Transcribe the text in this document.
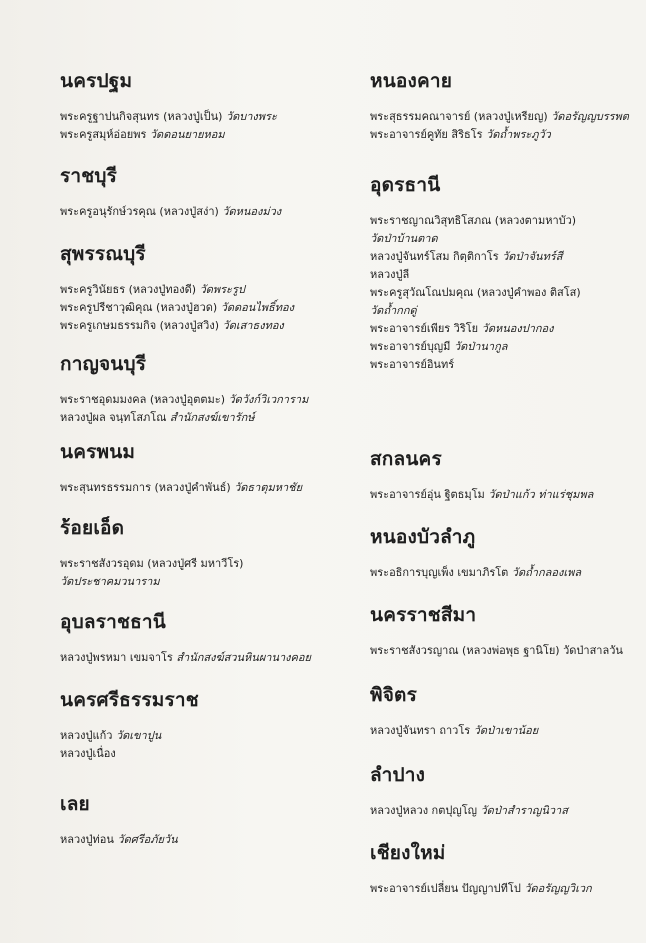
นครปฐม
พระครูฐาปนกิจสุนทร (หลวงปู่เป็น) วัดบางพระ
พระครูสมุห์อ่อยพร วัดดอนยายหอม
ราชบุรี
พระครูอนุรักษ์วรคุณ (หลวงปู่สง่า) วัดหนองม่วง
สุพรรณบุรี
พระครูวินัยธร (หลวงปู่ทองดี) วัดพระรูป
พระครูปรีชาวุฒิคุณ (หลวงปู่ฮวด) วัดดอนไพธิ์ทอง
พระครูเกษมธรรมกิจ (หลวงปู่สวิง) วัดเสาธงทอง
กาญจนบุรี
พระราชอุดมมงคล (หลวงปู่อุตตมะ) วัดวังก์วิเวการาม
หลวงปู่ผล จนฺทโสภโณ สำนักสงฆ์เขารักษ์
นครพนม
พระสุนทรธรรมการ (หลวงปู่คำพันธ์) วัดธาตุมหาชัย
ร้อยเอ็ด
พระราชสังวรอุดม (หลวงปู่ศรี มหาวีโร)
วัดประชาคมวนาราม
อุบลราชธานี
หลวงปู่พรหมา เขมจาโร สำนักสงฆ์สวนหินผานางคอย
นครศรีธรรมราช
หลวงปู่แก้ว วัดเขาปูน
หลวงปู่เนื่อง
เลย
หลวงปู่ท่อน วัดศรีอภัยวัน
หนองคาย
พระสุธรรมคณาจารย์ (หลวงปู่เหรียญ) วัดอรัญญบรรพต
พระอาจารย์คูทัย สิริธโร วัดถ้ำพระภูวัว
อุดรธานี
พระราชญาณวิสุทธิโสภณ (หลวงตามหาบัว)
วัดป่าบ้านตาด
หลวงปู่จันทร์โสม กิตฺติกาโร วัดป่าจันทร์สี
หลวงปู่ลี
พระครูสุวัณโณปมคุณ (หลวงปู่คำพอง ติสโส)
วัดถ้ำกกดู่
พระอาจารย์เพียร วิริโย วัดหนองปากอง
พระอาจารย์บุญมี วัดป่านากูล
พระอาจารย์อินทร์
สกลนคร
พระอาจารย์อุ่น ฐิตธมฺโม วัดป่าแก้ว ท่าแร่ชุมพล
หนองบัวลำภู
พระอธิการบุญเพ็ง เขมาภิรโต วัดถ้ำกลองเพล
นครราชสีมา
พระราชสังวรญาณ (หลวงพ่อพุธ ฐานิโย) วัดป่าสาลวัน
พิจิตร
หลวงปู่จันทรา ถาวโร วัดป่าเขาน้อย
ลำปาง
หลวงปู่หลวง กตปุญโญ วัดป่าสำราญนิวาส
เชียงใหม่
พระอาจารย์เปลี่ยน ปัญญาปทีโป วัดอรัญญวิเวก
